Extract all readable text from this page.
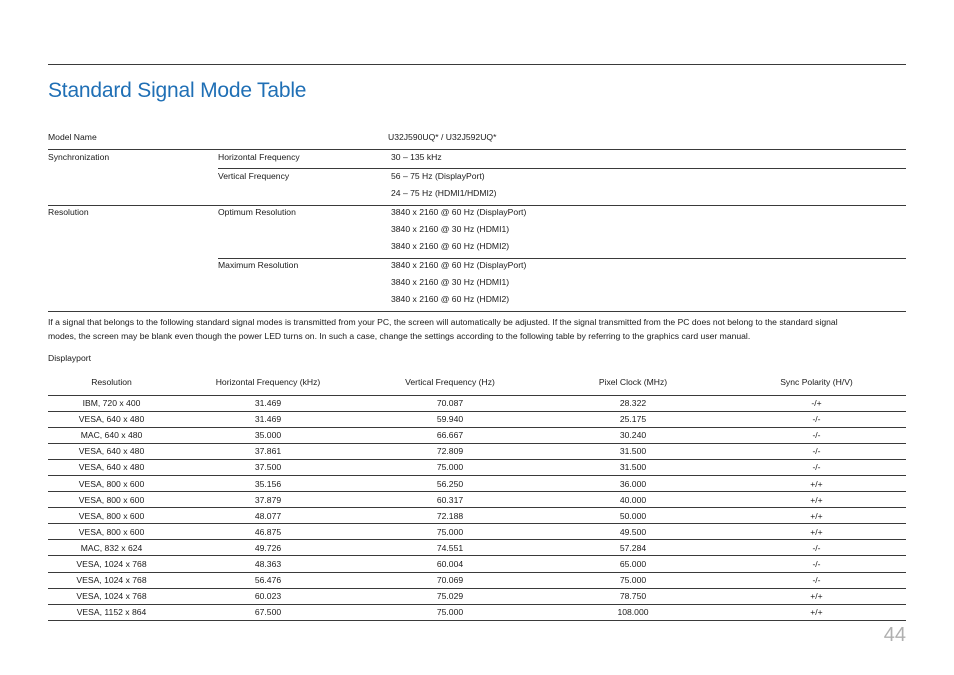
Standard Signal Mode Table
Model Name	U32J590UQ* / U32J592UQ*
Synchronization	Horizontal Frequency	30 – 135 kHz
Vertical Frequency	56 – 75 Hz (DisplayPort)
24 – 75 Hz (HDMI1/HDMI2)
Resolution	Optimum Resolution	3840 x 2160 @ 60 Hz (DisplayPort)
3840 x 2160 @ 30 Hz (HDMI1)
3840 x 2160 @ 60 Hz (HDMI2)
Maximum Resolution	3840 x 2160 @ 60 Hz (DisplayPort)
3840 x 2160 @ 30 Hz (HDMI1)
3840 x 2160 @ 60 Hz (HDMI2)
If a signal that belongs to the following standard signal modes is transmitted from your PC, the screen will automatically be adjusted. If the signal transmitted from the PC does not belong to the standard signal
modes, the screen may be blank even though the power LED turns on. In such a case, change the settings according to the following table by referring to the graphics card user manual.
Displayport
Resolution	Horizontal Frequency (kHz)	Vertical Frequency (Hz)	Pixel Clock (MHz)	Sync Polarity (H/V)
IBM, 720 x 400	31.469	70.087	28.322	-/+
VESA, 640 x 480	31.469	59.940	25.175	-/-
MAC, 640 x 480	35.000	66.667	30.240	-/-
VESA, 640 x 480	37.861	72.809	31.500	-/-
VESA, 640 x 480	37.500	75.000	31.500	-/-
VESA, 800 x 600	35.156	56.250	36.000	+/+
VESA, 800 x 600	37.879	60.317	40.000	+/+
VESA, 800 x 600	48.077	72.188	50.000	+/+
VESA, 800 x 600	46.875	75.000	49.500	+/+
MAC, 832 x 624	49.726	74.551	57.284	-/-
VESA, 1024 x 768	48.363	60.004	65.000	-/-
VESA, 1024 x 768	56.476	70.069	75.000	-/-
VESA, 1024 x 768	60.023	75.029	78.750	+/+
VESA, 1152 x 864	67.500	75.000	108.000	+/+
44
